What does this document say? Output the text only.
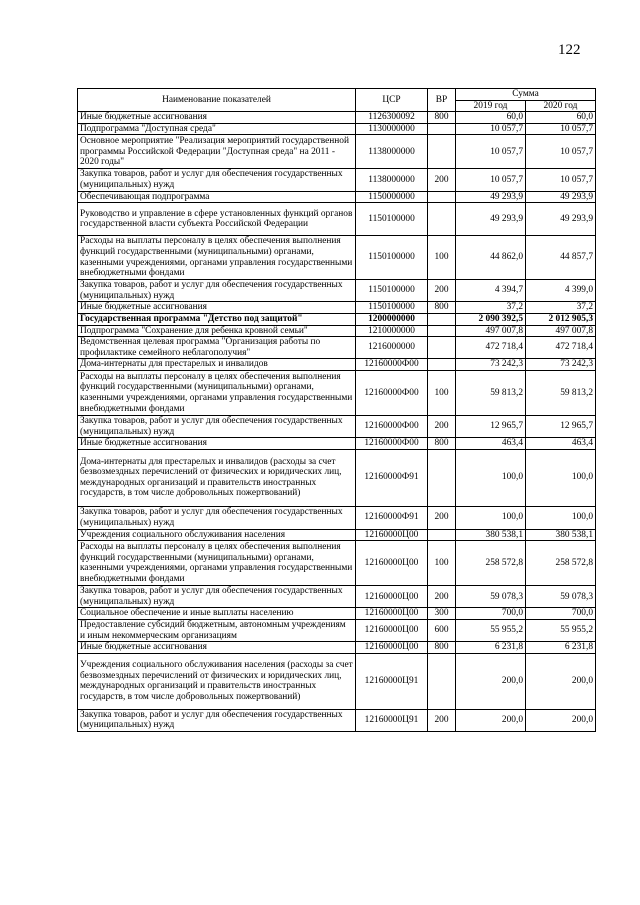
122
Наименование показателей	ЦСР	ВР	Сумма	
			2019 год	2020 год
Иные бюджетные ассигнования	1126300092	800	60,0	60,0
Подпрограмма "Доступная среда"	1130000000		10 057,7	10 057,7
Основное мероприятие "Реализация мероприятий государственной программы Российской Федерации "Доступная среда" на 2011 - 2020 годы"	1138000000		10 057,7	10 057,7
Закупка товаров, работ и услуг для обеспечения государственных (муниципальных) нужд	1138000000	200	10 057,7	10 057,7
Обеспечивающая подпрограмма	1150000000		49 293,9	49 293,9
Руководство и управление в сфере установленных функций органов государственной власти субъекта Российской Федерации	1150100000		49 293,9	49 293,9
Расходы на выплаты персоналу в целях обеспечения выполнения функций государственными (муниципальными) органами, казенными учреждениями, органами управления государственными внебюджетными фондами	1150100000	100	44 862,0	44 857,7
Закупка товаров, работ и услуг для обеспечения государственных (муниципальных) нужд	1150100000	200	4 394,7	4 399,0
Иные бюджетные ассигнования	1150100000	800	37,2	37,2
Государственная программа "Детство под защитой"	1200000000		2 090 392,5	2 012 905,3
Подпрограмма "Сохранение для ребенка кровной семьи"	1210000000		497 007,8	497 007,8
Ведомственная целевая программа "Организация работы по профилактике семейного неблагополучия"	1216000000		472 718,4	472 718,4
Дома-интернаты для престарелых и инвалидов	12160000Ф00		73 242,3	73 242,3
Расходы на выплаты персоналу в целях обеспечения выполнения функций государственными (муниципальными) органами, казенными учреждениями, органами управления государственными внебюджетными фондами	12160000Ф00	100	59 813,2	59 813,2
Закупка товаров, работ и услуг для обеспечения государственных (муниципальных) нужд	12160000Ф00	200	12 965,7	12 965,7
Иные бюджетные ассигнования	12160000Ф00	800	463,4	463,4
Дома-интернаты для престарелых и инвалидов (расходы за счет безвозмездных перечислений от физических и юридических лиц, международных организаций и правительств иностранных государств, в том числе добровольных пожертвований)	12160000Ф91		100,0	100,0
Закупка товаров, работ и услуг для обеспечения государственных (муниципальных) нужд	12160000Ф91	200	100,0	100,0
Учреждения социального обслуживания населения	12160000Ц00		380 538,1	380 538,1
Расходы на выплаты персоналу в целях обеспечения выполнения функций государственными (муниципальными) органами, казенными учреждениями, органами управления государственными внебюджетными фондами	12160000Ц00	100	258 572,8	258 572,8
Закупка товаров, работ и услуг для обеспечения государственных (муниципальных) нужд	12160000Ц00	200	59 078,3	59 078,3
Социальное обеспечение и иные выплаты населению	12160000Ц00	300	700,0	700,0
Предоставление субсидий бюджетным, автономным учреждениям и иным некоммерческим организациям	12160000Ц00	600	55 955,2	55 955,2
Иные бюджетные ассигнования	12160000Ц00	800	6 231,8	6 231,8
Учреждения социального обслуживания населения (расходы за счет безвозмездных перечислений от физических и юридических лиц, международных организаций и правительств иностранных государств, в том числе добровольных пожертвований)	12160000Ц91		200,0	200,0
Закупка товаров, работ и услуг для обеспечения государственных (муниципальных) нужд	12160000Ц91	200	200,0	200,0
